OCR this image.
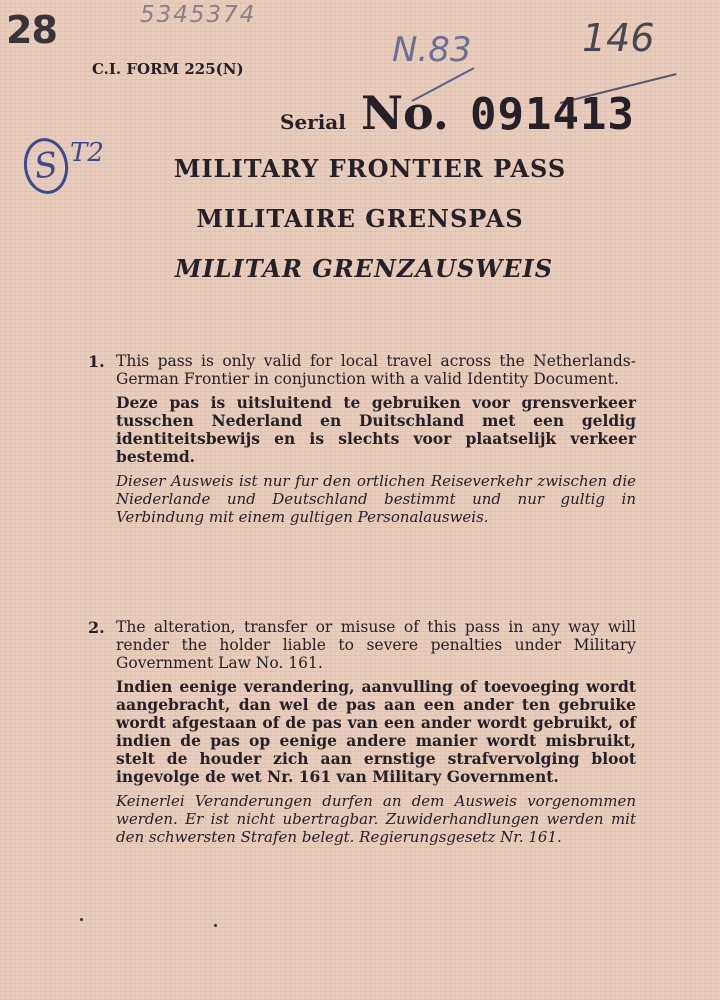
28	5345374
N.83	146
C.I. FORM 225(N)
Serial No. 091413
S $^{T2}$
MILITARY FRONTIER PASS
MILITAIRE GRENSPAS
MILITAR GRENZAUSWEIS
1. This pass is only valid for local travel across the Netherlands-German Frontier in conjunction with a valid Identity Document.

Deze pas is uitsluitend te gebruiken voor grensverkeer tusschen Nederland en Duitschland met een geldig identiteitsbewijs en is slechts voor plaatselijk verkeer bestemd.

Dieser Ausweis ist nur fur den ortlichen Reiseverkehr zwischen die Niederlande und Deutschland bestimmt und nur gultig in Verbindung mit einem gultigen Personalausweis.

2. The alteration, transfer or misuse of this pass in any way will render the holder liable to severe penalties under Military Government Law No. 161.

Indien eenige verandering, aanvulling of toevoeging wordt aangebracht, dan wel de pas aan een ander ten gebruike wordt afgestaan of de pas van een ander wordt gebruikt, of indien de pas op eenige andere manier wordt misbruikt, stelt de houder zich aan ernstige strafvervolging bloot ingevolge de wet Nr. 161 van Military Government.

Keinerlei Veranderungen durfen an dem Ausweis vorgenommen werden. Er ist nicht ubertragbar. Zuwiderhandlungen werden mit den schwersten Strafen belegt. Regierungsgesetz Nr. 161.
